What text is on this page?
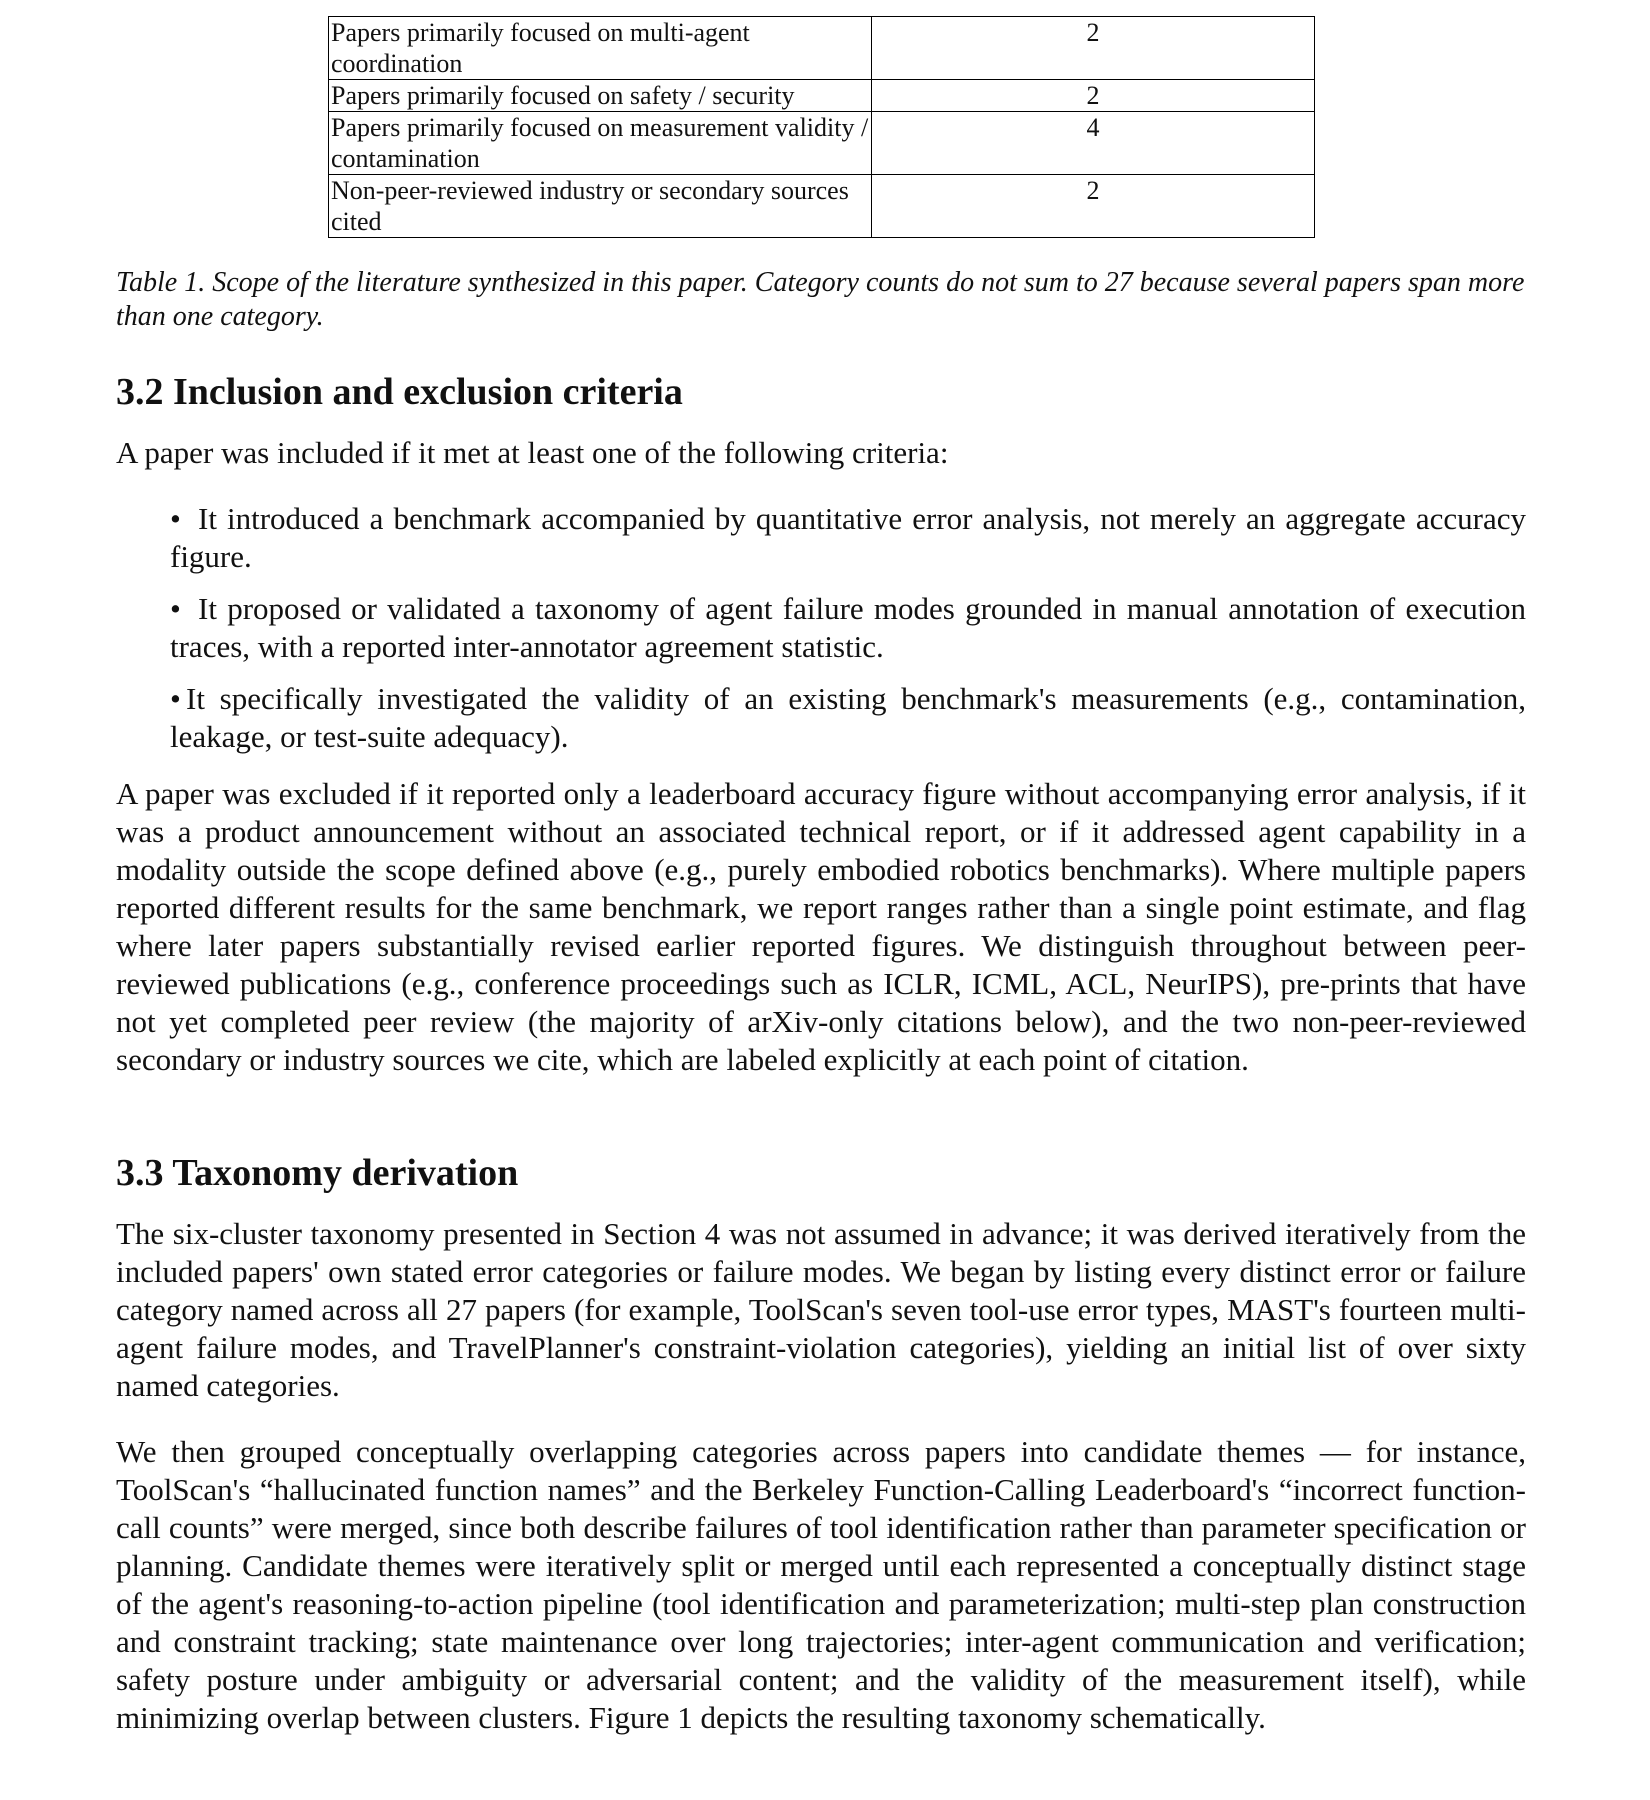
Papers primarily focused on multi-agent coordination	2
Papers primarily focused on safety / security	2
Papers primarily focused on measurement validity / contamination	4
Non-peer-reviewed industry or secondary sources cited	2
Table 1. Scope of the literature synthesized in this paper. Category counts do not sum to 27 because several papers span more than one category.
3.2 Inclusion and exclusion criteria

A paper was included if it met at least one of the following criteria:

• It introduced a benchmark accompanied by quantitative error analysis, not merely an aggregate accuracy figure.
• It proposed or validated a taxonomy of agent failure modes grounded in manual annotation of execution traces, with a reported inter-annotator agreement statistic.
• It specifically investigated the validity of an existing benchmark's measurements (e.g., contamination, leakage, or test-suite adequacy).

A paper was excluded if it reported only a leaderboard accuracy figure without accompanying error analysis, if it was a product announcement without an associated technical report, or if it addressed agent capability in a modality outside the scope defined above (e.g., purely embodied robotics benchmarks). Where multiple papers reported different results for the same benchmark, we report ranges rather than a single point estimate, and flag where later papers substantially revised earlier reported figures. We distinguish throughout between peer-reviewed publications (e.g., conference proceedings such as ICLR, ICML, ACL, NeurIPS), pre-prints that have not yet completed peer review (the majority of arXiv-only citations below), and the two non-peer-reviewed secondary or industry sources we cite, which are labeled explicitly at each point of citation.

3.3 Taxonomy derivation

The six-cluster taxonomy presented in Section 4 was not assumed in advance; it was derived iteratively from the included papers' own stated error categories or failure modes. We began by listing every distinct error or failure category named across all 27 papers (for example, ToolScan's seven tool-use error types, MAST's fourteen multi-agent failure modes, and TravelPlanner's constraint-violation categories), yielding an initial list of over sixty named categories.

We then grouped conceptually overlapping categories across papers into candidate themes — for instance, ToolScan's “hallucinated function names” and the Berkeley Function-Calling Leaderboard's “incorrect function-call counts” were merged, since both describe failures of tool identification rather than parameter specification or planning. Candidate themes were iteratively split or merged until each represented a conceptually distinct stage of the agent's reasoning-to-action pipeline (tool identification and parameterization; multi-step plan construction and constraint tracking; state maintenance over long trajectories; inter-agent communication and verification; safety posture under ambiguity or adversarial content; and the validity of the measurement itself), while minimizing overlap between clusters. Figure 1 depicts the resulting taxonomy schematically.
